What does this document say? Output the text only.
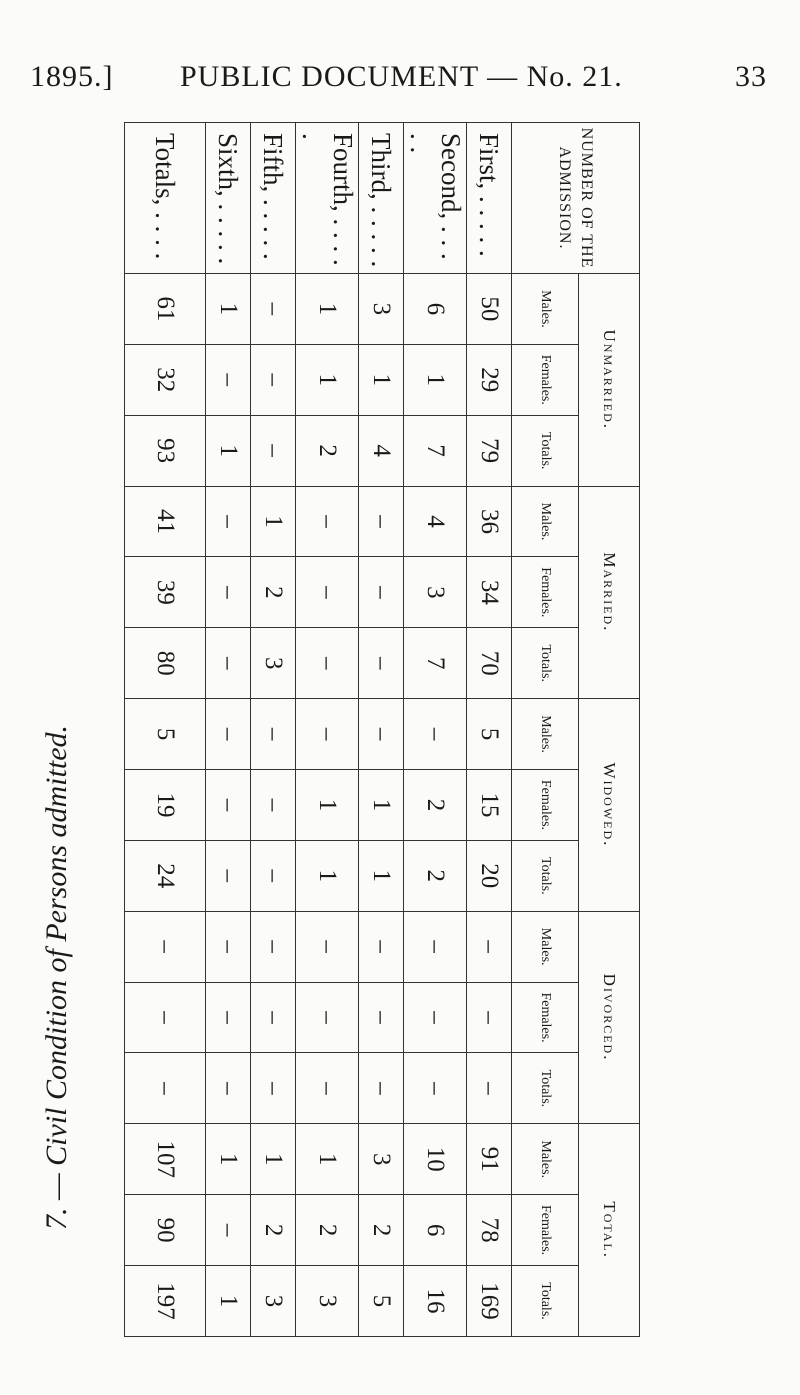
1895.] PUBLIC DOCUMENT — No. 21.	33
7. — Civil Condition of Persons admitted.
NUMBER OF THE ADMISSION.	Unmarried.			Married.			Widowed.			Divorced.			Total.		
	Males.	Females.	Totals.	Males.	Females.	Totals.	Males.	Females.	Totals.	Males.	Females.	Totals.	Males.	Females.	Totals.
First, . . . . .	50	29	79	36	34	70	5	15	20	–	–	–	91	78	169
Second, . . . . .	6	1	7	4	3	7	–	2	2	–	–	–	10	6	16
Third, . . . . .	3	1	4	–	–	–	–	1	1	–	–	–	3	2	5
Fourth, . . . . .	1	1	2	–	–	–	–	1	1	–	–	–	1	2	3
Fifth, . . . . .	–	–	–	1	2	3	–	–	–	–	–	–	1	2	3
Sixth, . . . . .	1	–	1	–	–	–	–	–	–	–	–	–	1	–	1
Totals, . . . .	61	32	93	41	39	80	5	19	24	–	–	–	107	90	197
